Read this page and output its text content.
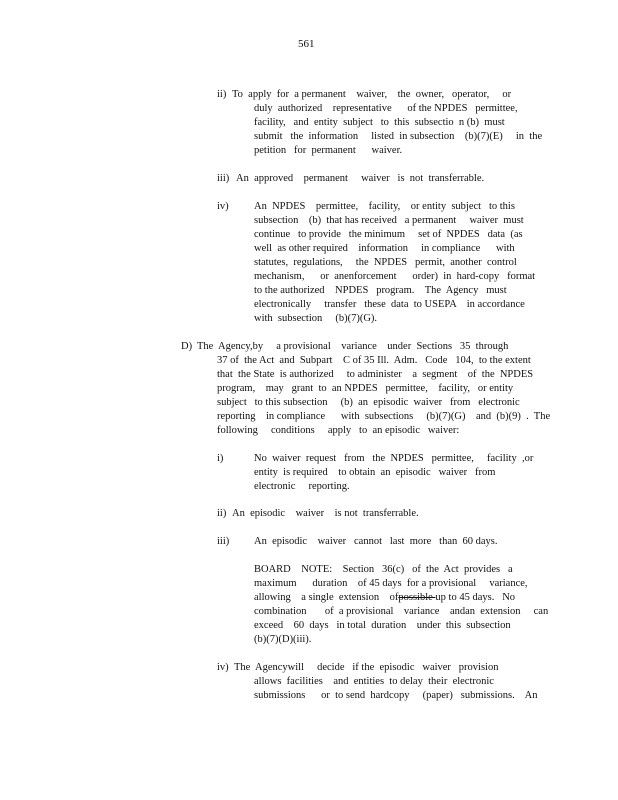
561
ii) To  apply  for  a permanent    waiver,    the  owner,   operator,     or
duly  authorized    representative      of the NPDES   permittee,
facility,   and  entity  subject   to  this  subsectio  n (b)  must
submit   the  information     listed  in subsection    (b)(7)(E)     in  the
petition   for  permanent      waiver.
iii) An  approved    permanent     waiver   is  not  transferrable.
iv) An  NPDES    permittee,    facility,    or entity  subject   to this
subsection    (b)  that has received   a permanent     waiver  must
continue   to provide   the minimum     set of  NPDES   data  (as
well  as other required    information     in compliance      with
statutes,  regulations,     the  NPDES   permit,  another  control
mechanism,      or  anenforcement      order)  in  hard-copy   format
to the authorized    NPDES   program.    The  Agency   must
electronically     transfer   these  data  to USEPA    in accordance
with  subsection     (b)(7)(G).
D) The  Agency,by     a provisional    variance    under  Sections   35  through
37 of  the Act  and  Subpart    C of 35 Ill.  Adm.   Code   104,  to the extent
that  the State  is authorized     to administer    a  segment    of  the  NPDES
program,    may   grant  to  an NPDES   permittee,    facility,   or entity
subject   to this subsection     (b)  an  episodic  waiver   from   electronic
reporting    in compliance      with  subsections     (b)(7)(G)    and  (b)(9)  .  The
following     conditions     apply   to  an episodic   waiver:
i)	No  waiver  request   from   the  NPDES   permittee,     facility  ,or
entity  is required    to obtain  an  episodic   waiver   from
electronic     reporting.
ii) An  episodic    waiver    is not  transferrable.
iii) An  episodic    waiver   cannot   last  more   than  60 days.
BOARD    NOTE:    Section   36(c)   of  the  Act  provides   a
maximum      duration    of 45 days  for a provisional     variance,
allowing    a single  extension    ofpossible up to 45 days.   No
combination       of  a provisional    variance    andan  extension     can
exceed    60  days   in total  duration    under  this  subsection
(b)(7)(D)(iii).
iv) The  Agencywill     decide   if the  episodic   waiver   provision
allows  facilities    and  entities  to delay  their  electronic
submissions      or  to send  hardcopy     (paper)   submissions.    An
